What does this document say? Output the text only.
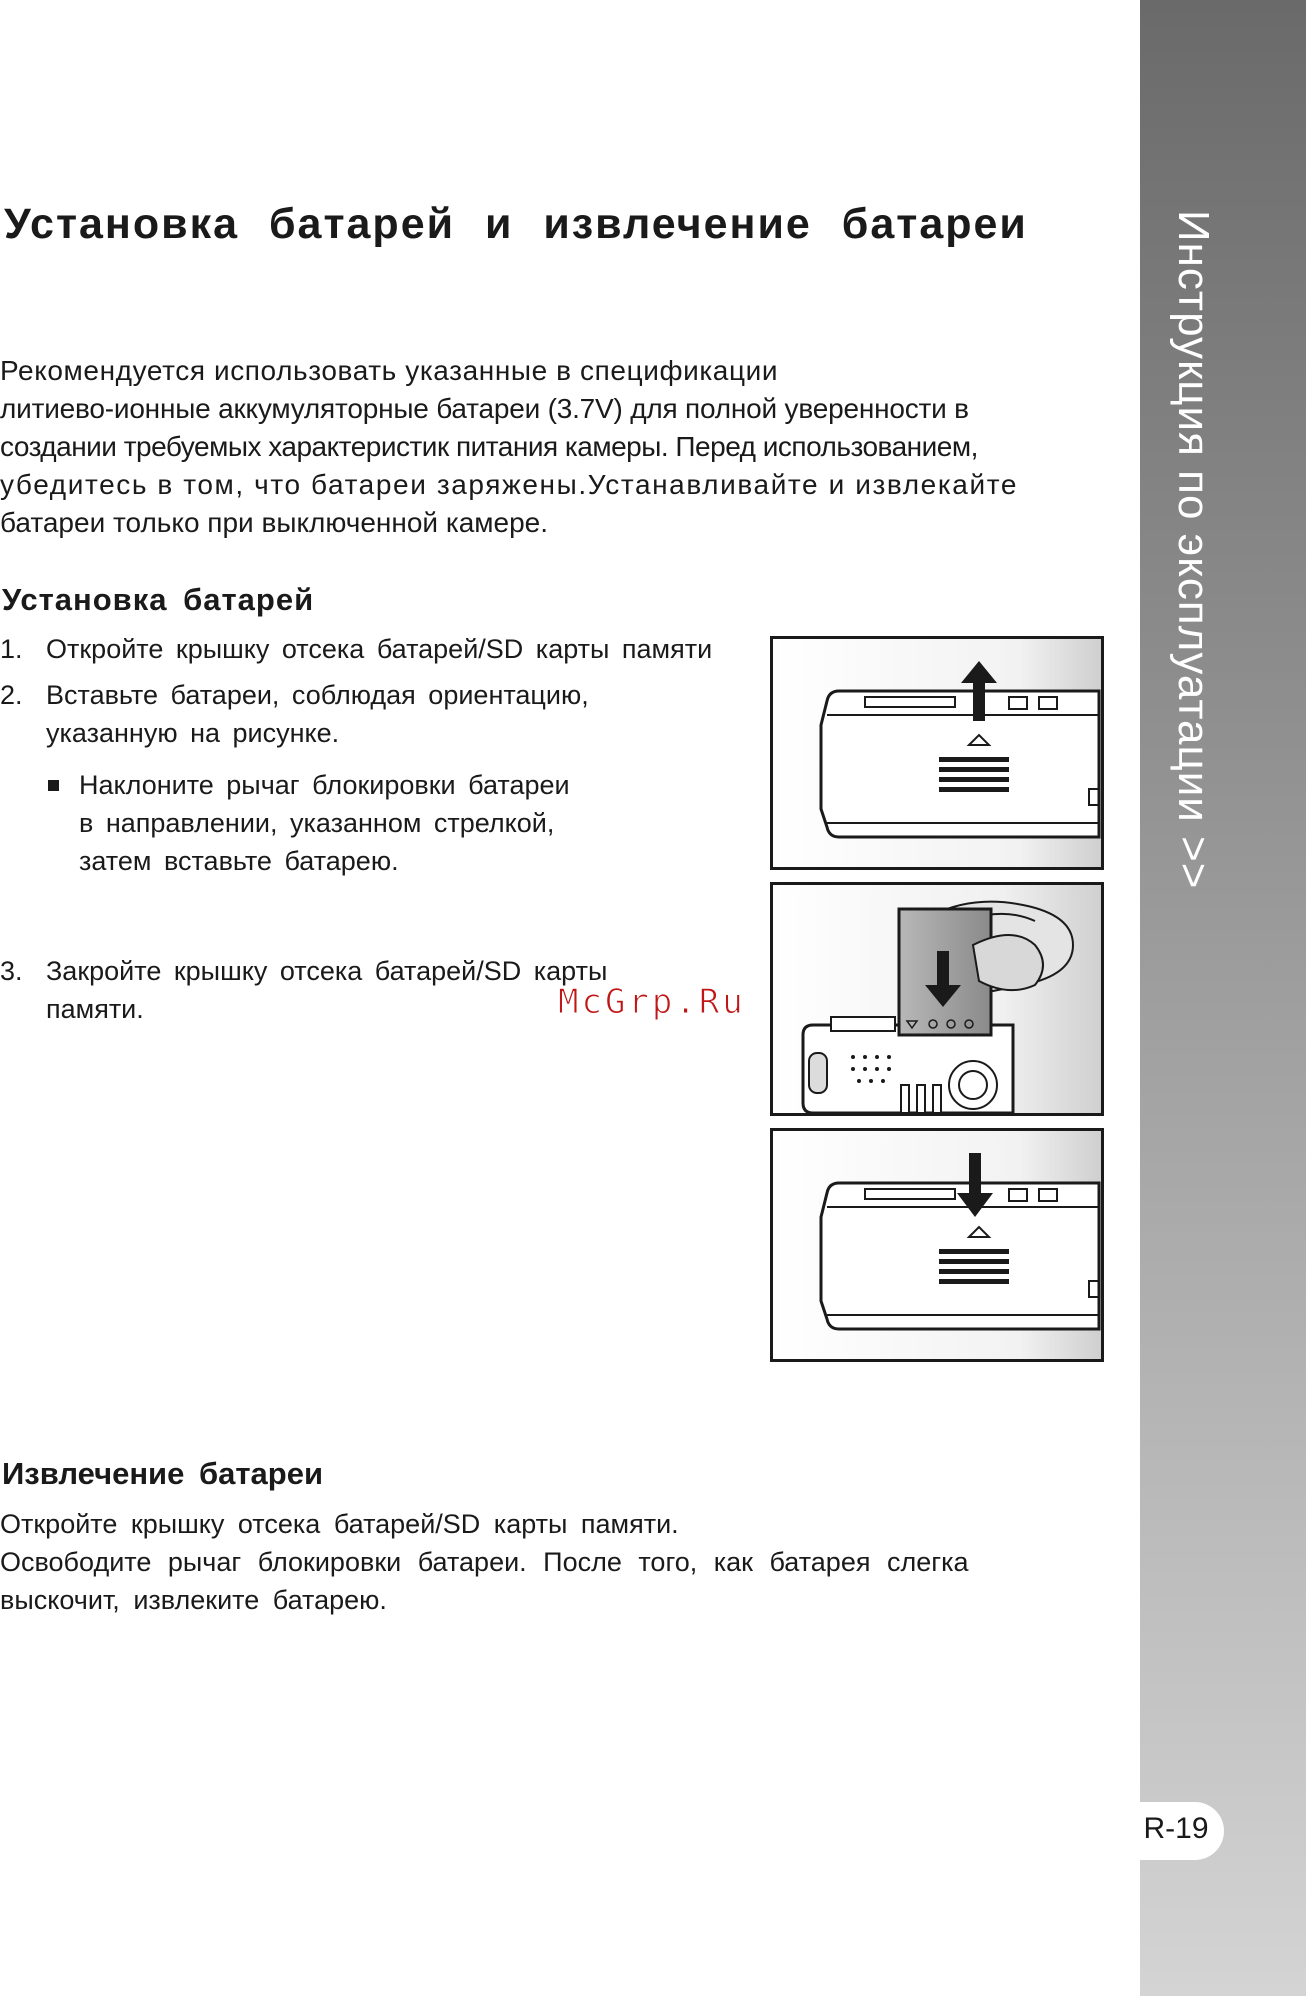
Инструкция по эксплуатации >>
R-19
Установка батарей и извлечение батареи
Рекомендуется использовать указанные в спецификации
литиево-ионные аккумуляторные батареи (3.7V) для полной уверенности в
создании требуемых характеристик питания камеры. Перед использованием,
убедитесь в том, что батареи заряжены.Устанавливайте и извлекайте
батареи только при выключенной камере.
Установка батарей
1. Откройте крышку отсека батарей/SD карты памяти
2. Вставьте батареи, соблюдая ориентацию,
указанную на рисунке.
Наклоните рычаг блокировки батареи
в направлении, указанном стрелкой,
затем вставьте батарею.
3. Закройте крышку отсека батарей/SD карты
памяти.	McGrp.Ru
Извлечение батареи
Откройте крышку отсека батарей/SD карты памяти.
Освободите рычаг блокировки батареи. После того, как батарея слегка
выскочит, извлеките батарею.
